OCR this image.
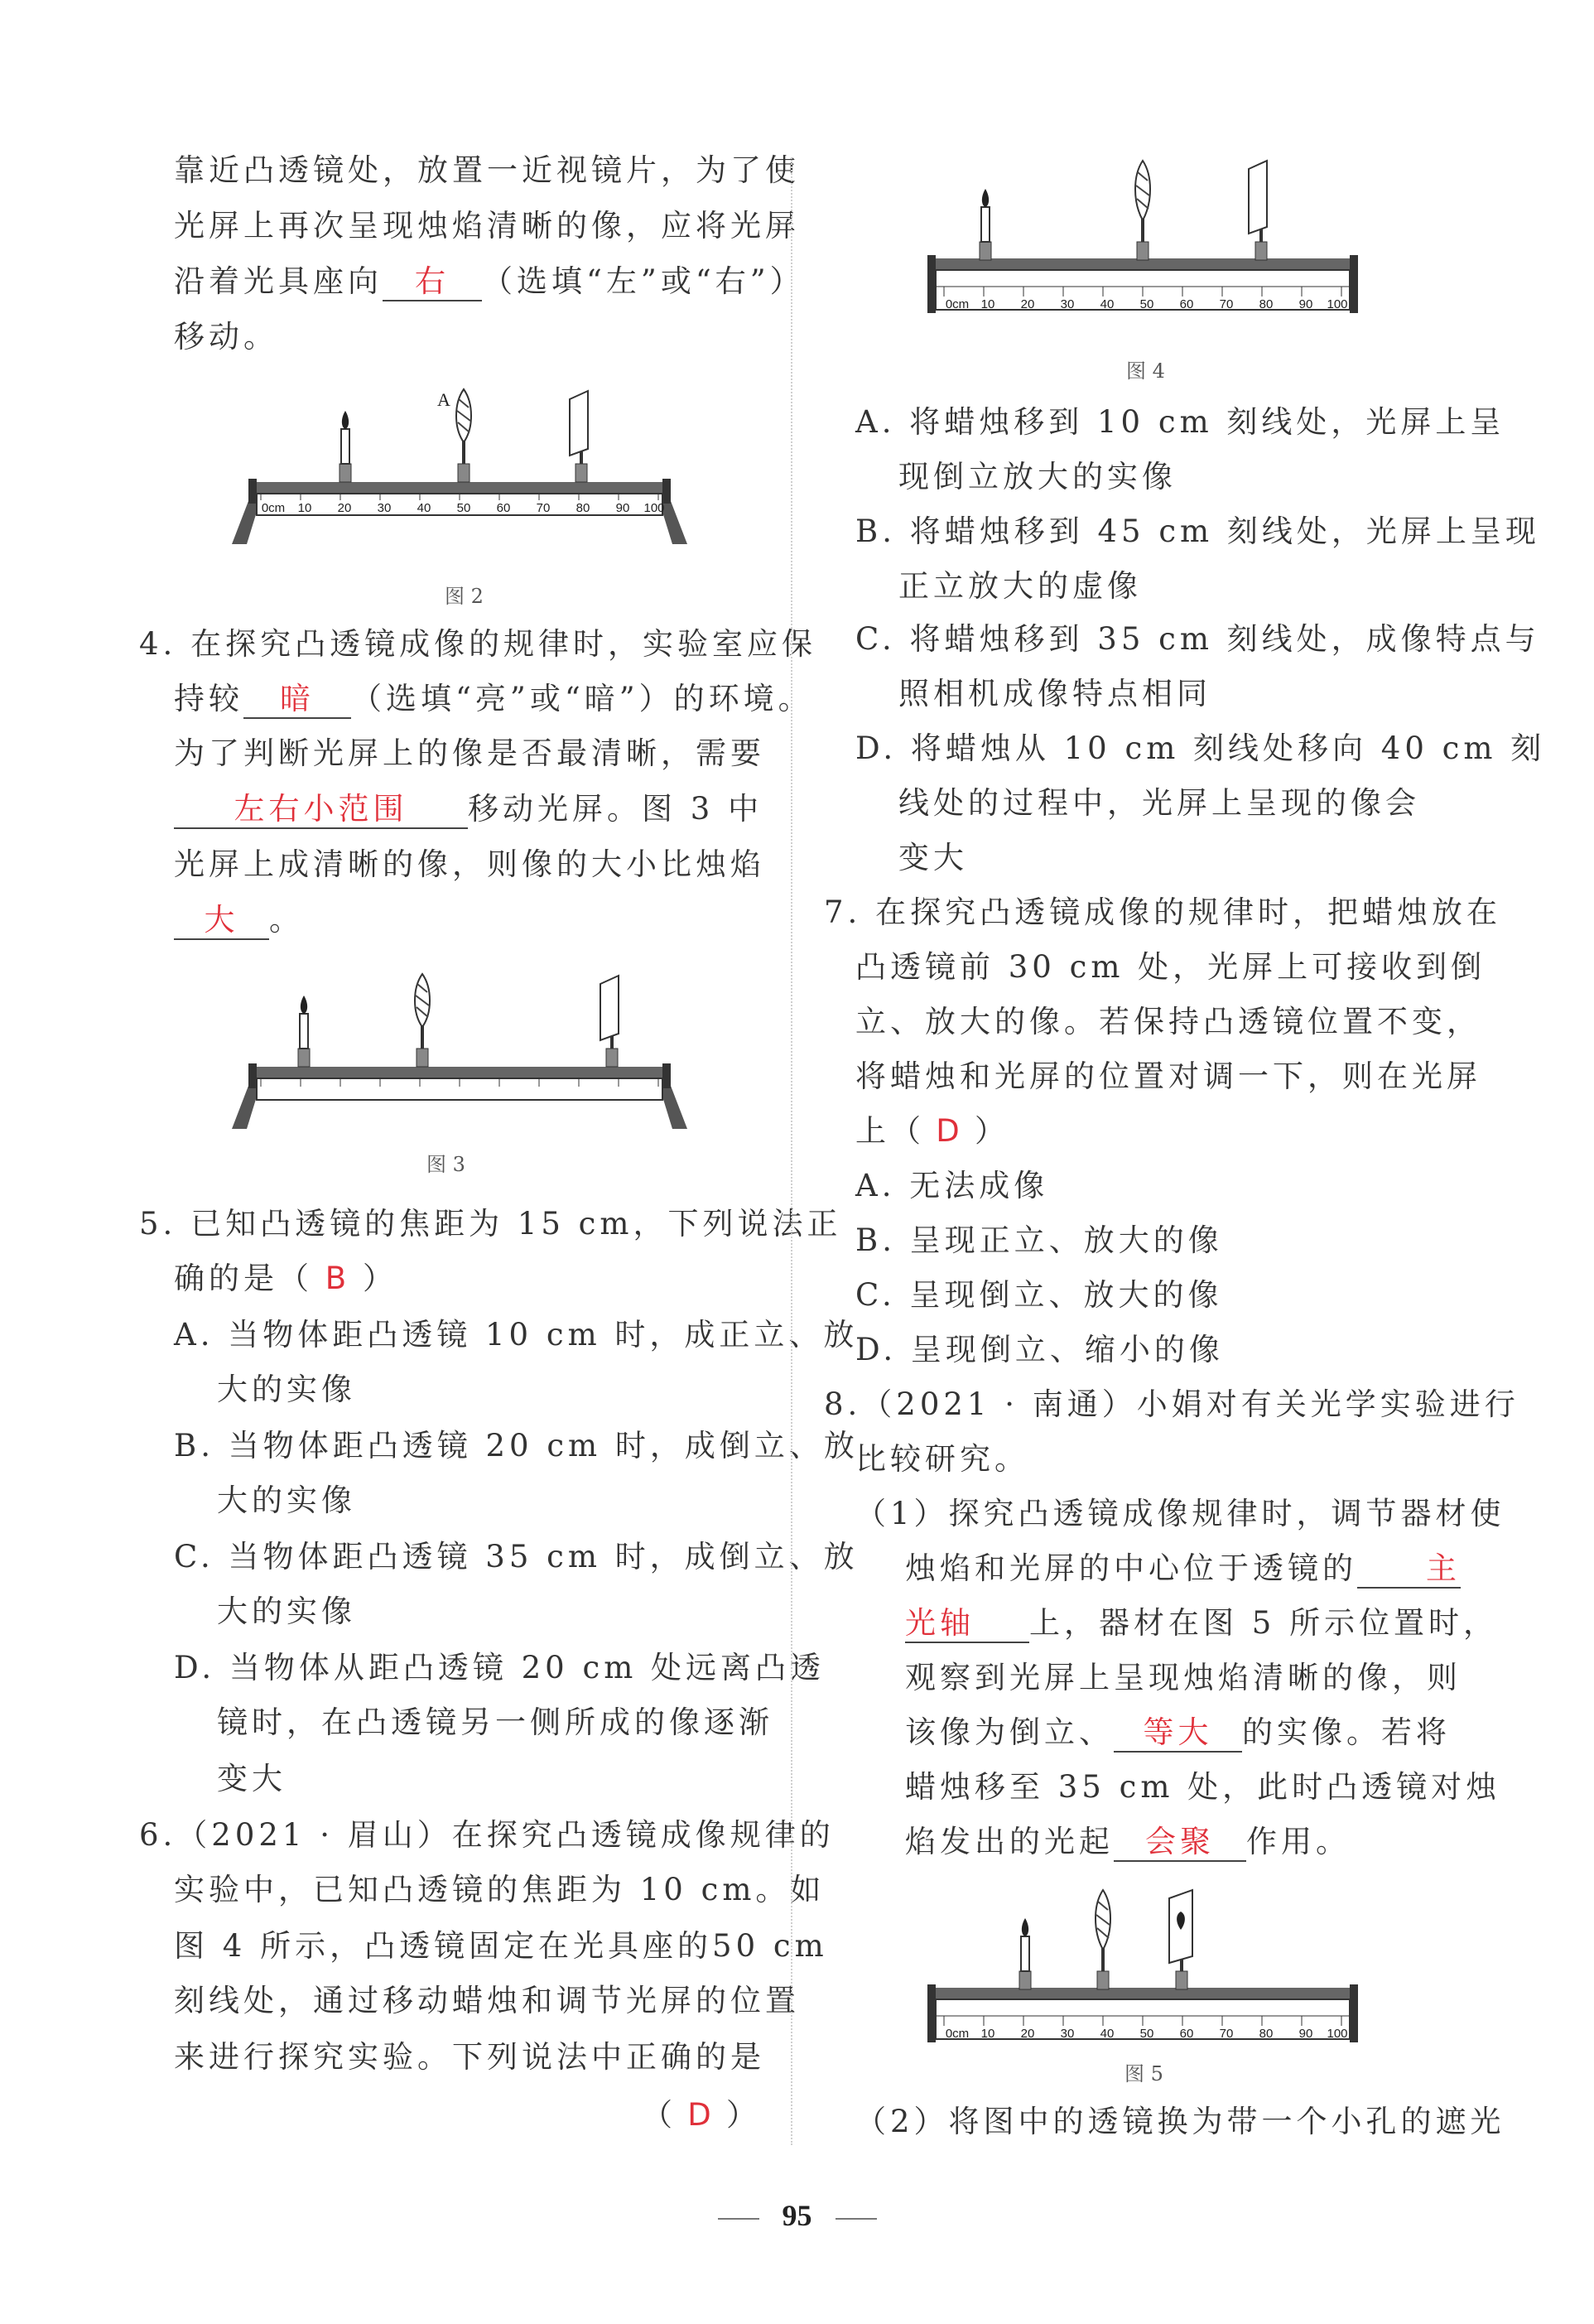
靠近凸透镜处，放置一近视镜片，为了使
光屏上再次呈现烛焰清晰的像，应将光屏
沿着光具座向 右 （选填“左”或“右”）
移动。
0cm 10 20 30 40 50 60 70 80 90 100
A
图 2
4. 在探究凸透镜成像的规律时，实验室应保
持较 暗 （选填“亮”或“暗”）的环境。
为了判断光屏上的像是否最清晰，需要
左右小范围 移动光屏。图 3 中
光屏上成清晰的像，则像的大小比烛焰
大 。
图 3
5. 已知凸透镜的焦距为 15 cm，下列说法正
确的是（ B ）
A. 当物体距凸透镜 10 cm 时，成正立、放
大的实像
B. 当物体距凸透镜 20 cm 时，成倒立、放
大的实像
C. 当物体距凸透镜 35 cm 时，成倒立、放
大的实像
D. 当物体从距凸透镜 20 cm 处远离凸透
镜时，在凸透镜另一侧所成的像逐渐
变大
6.（2021 · 眉山）在探究凸透镜成像规律的
实验中，已知凸透镜的焦距为 10 cm。如
图 4 所示，凸透镜固定在光具座的50 cm
刻线处，通过移动蜡烛和调节光屏的位置
来进行探究实验。下列说法中正确的是
（ D ）
0cm 10 20 30 40 50 60 70 80 90 100
图 4
A. 将蜡烛移到 10 cm 刻线处，光屏上呈
现倒立放大的实像
B. 将蜡烛移到 45 cm 刻线处，光屏上呈现
正立放大的虚像
C. 将蜡烛移到 35 cm 刻线处，成像特点与
照相机成像特点相同
D. 将蜡烛从 10 cm 刻线处移向 40 cm 刻
线处的过程中，光屏上呈现的像会
变大
7. 在探究凸透镜成像的规律时，把蜡烛放在
凸透镜前 30 cm 处，光屏上可接收到倒
立、放大的像。若保持凸透镜位置不变，
将蜡烛和光屏的位置对调一下，则在光屏
上（ D ）
A. 无法成像
B. 呈现正立、放大的像
C. 呈现倒立、放大的像
D. 呈现倒立、缩小的像
8.（2021 · 南通）小娟对有关光学实验进行
比较研究。
（1）探究凸透镜成像规律时，调节器材使
烛焰和光屏的中心位于透镜的 主
光轴 上，器材在图 5 所示位置时，
观察到光屏上呈现烛焰清晰的像，则
该像为倒立、 等大 的实像。若将
蜡烛移至 35 cm 处，此时凸透镜对烛
焰发出的光起 会聚 作用。
0cm 10 20 30 40 50 60 70 80 90 100
图 5
（2）将图中的透镜换为带一个小孔的遮光
95
